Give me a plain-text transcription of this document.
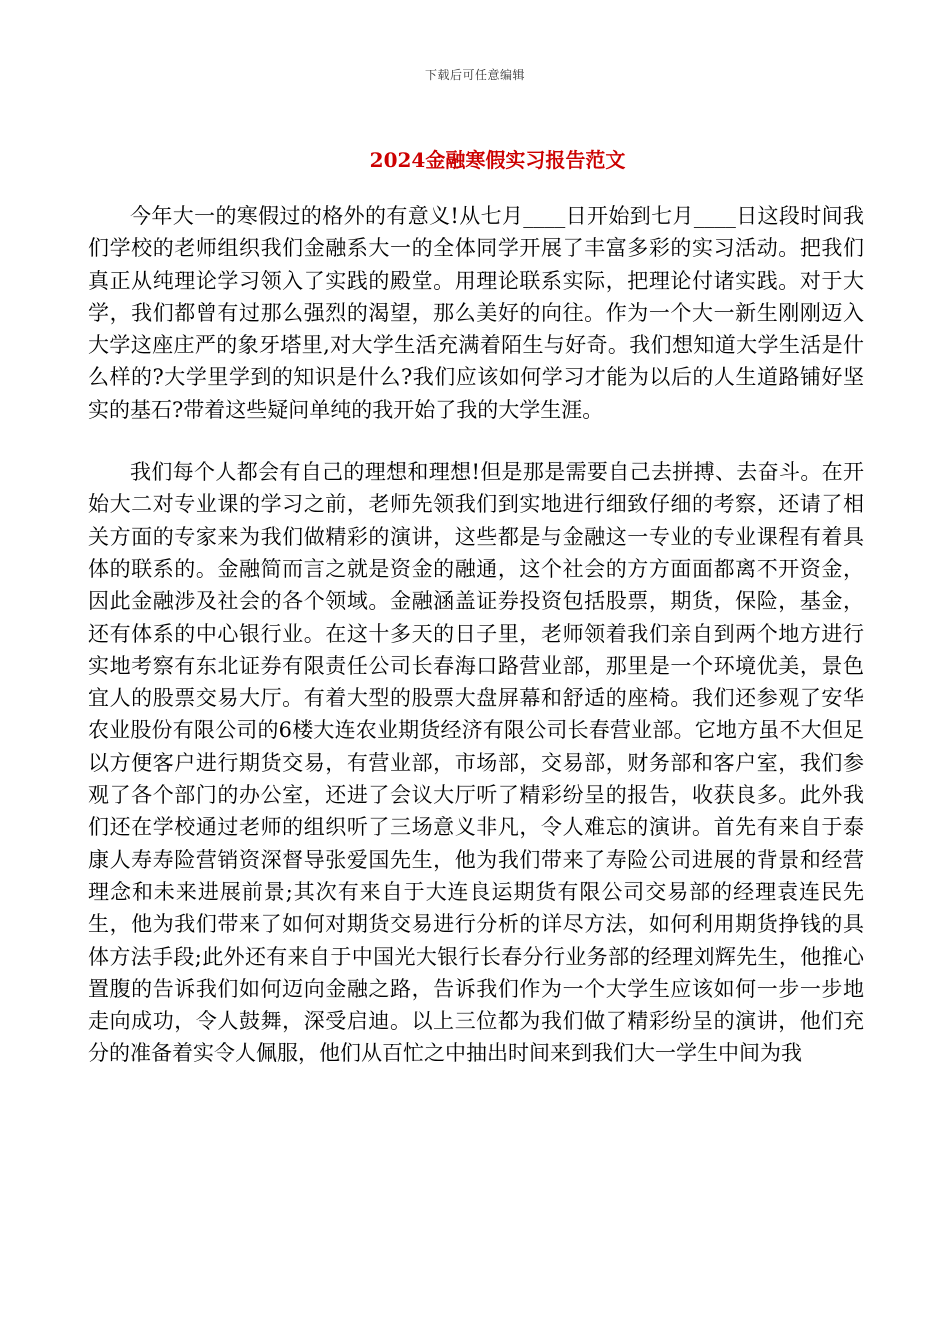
下载后可任意编辑
2024金融寒假实习报告范文

今年大一的寒假过的格外的有意义!从七月____日开始到七月____日这段时间我们学校的老师组织我们金融系大一的全体同学开展了丰富多彩的实习活动。把我们真正从纯理论学习领入了实践的殿堂。用理论联系实际，把理论付诸实践。对于大学，我们都曾有过那么强烈的渴望，那么美好的向往。作为一个大一新生刚刚迈入大学这座庄严的象牙塔里,对大学生活充满着陌生与好奇。我们想知道大学生活是什么样的?大学里学到的知识是什么?我们应该如何学习才能为以后的人生道路铺好坚实的基石?带着这些疑问单纯的我开始了我的大学生涯。

我们每个人都会有自己的理想和理想!但是那是需要自己去拼搏、去奋斗。在开始大二对专业课的学习之前，老师先领我们到实地进行细致仔细的考察，还请了相关方面的专家来为我们做精彩的演讲，这些都是与金融这一专业的专业课程有着具体的联系的。金融简而言之就是资金的融通，这个社会的方方面面都离不开资金，因此金融涉及社会的各个领域。金融涵盖证券投资包括股票，期货，保险，基金，还有体系的中心银行业。在这十多天的日子里，老师领着我们亲自到两个地方进行实地考察有东北证券有限责任公司长春海口路营业部，那里是一个环境优美，景色宜人的股票交易大厅。有着大型的股票大盘屏幕和舒适的座椅。我们还参观了安华农业股份有限公司的6楼大连农业期货经济有限公司长春营业部。它地方虽不大但足以方便客户进行期货交易，有营业部，市场部，交易部，财务部和客户室，我们参观了各个部门的办公室，还进了会议大厅听了精彩纷呈的报告，收获良多。此外我们还在学校通过老师的组织听了三场意义非凡，令人难忘的演讲。首先有来自于泰康人寿寿险营销资深督导张爱国先生，他为我们带来了寿险公司进展的背景和经营理念和未来进展前景;其次有来自于大连良运期货有限公司交易部的经理袁连民先生，他为我们带来了如何对期货交易进行分析的详尽方法，如何利用期货挣钱的具体方法手段;此外还有来自于中国光大银行长春分行业务部的经理刘辉先生，他推心置腹的告诉我们如何迈向金融之路，告诉我们作为一个大学生应该如何一步一步地走向成功，令人鼓舞，深受启迪。以上三位都为我们做了精彩纷呈的演讲，他们充分的准备着实令人佩服，他们从百忙之中抽出时间来到我们大一学生中间为我
